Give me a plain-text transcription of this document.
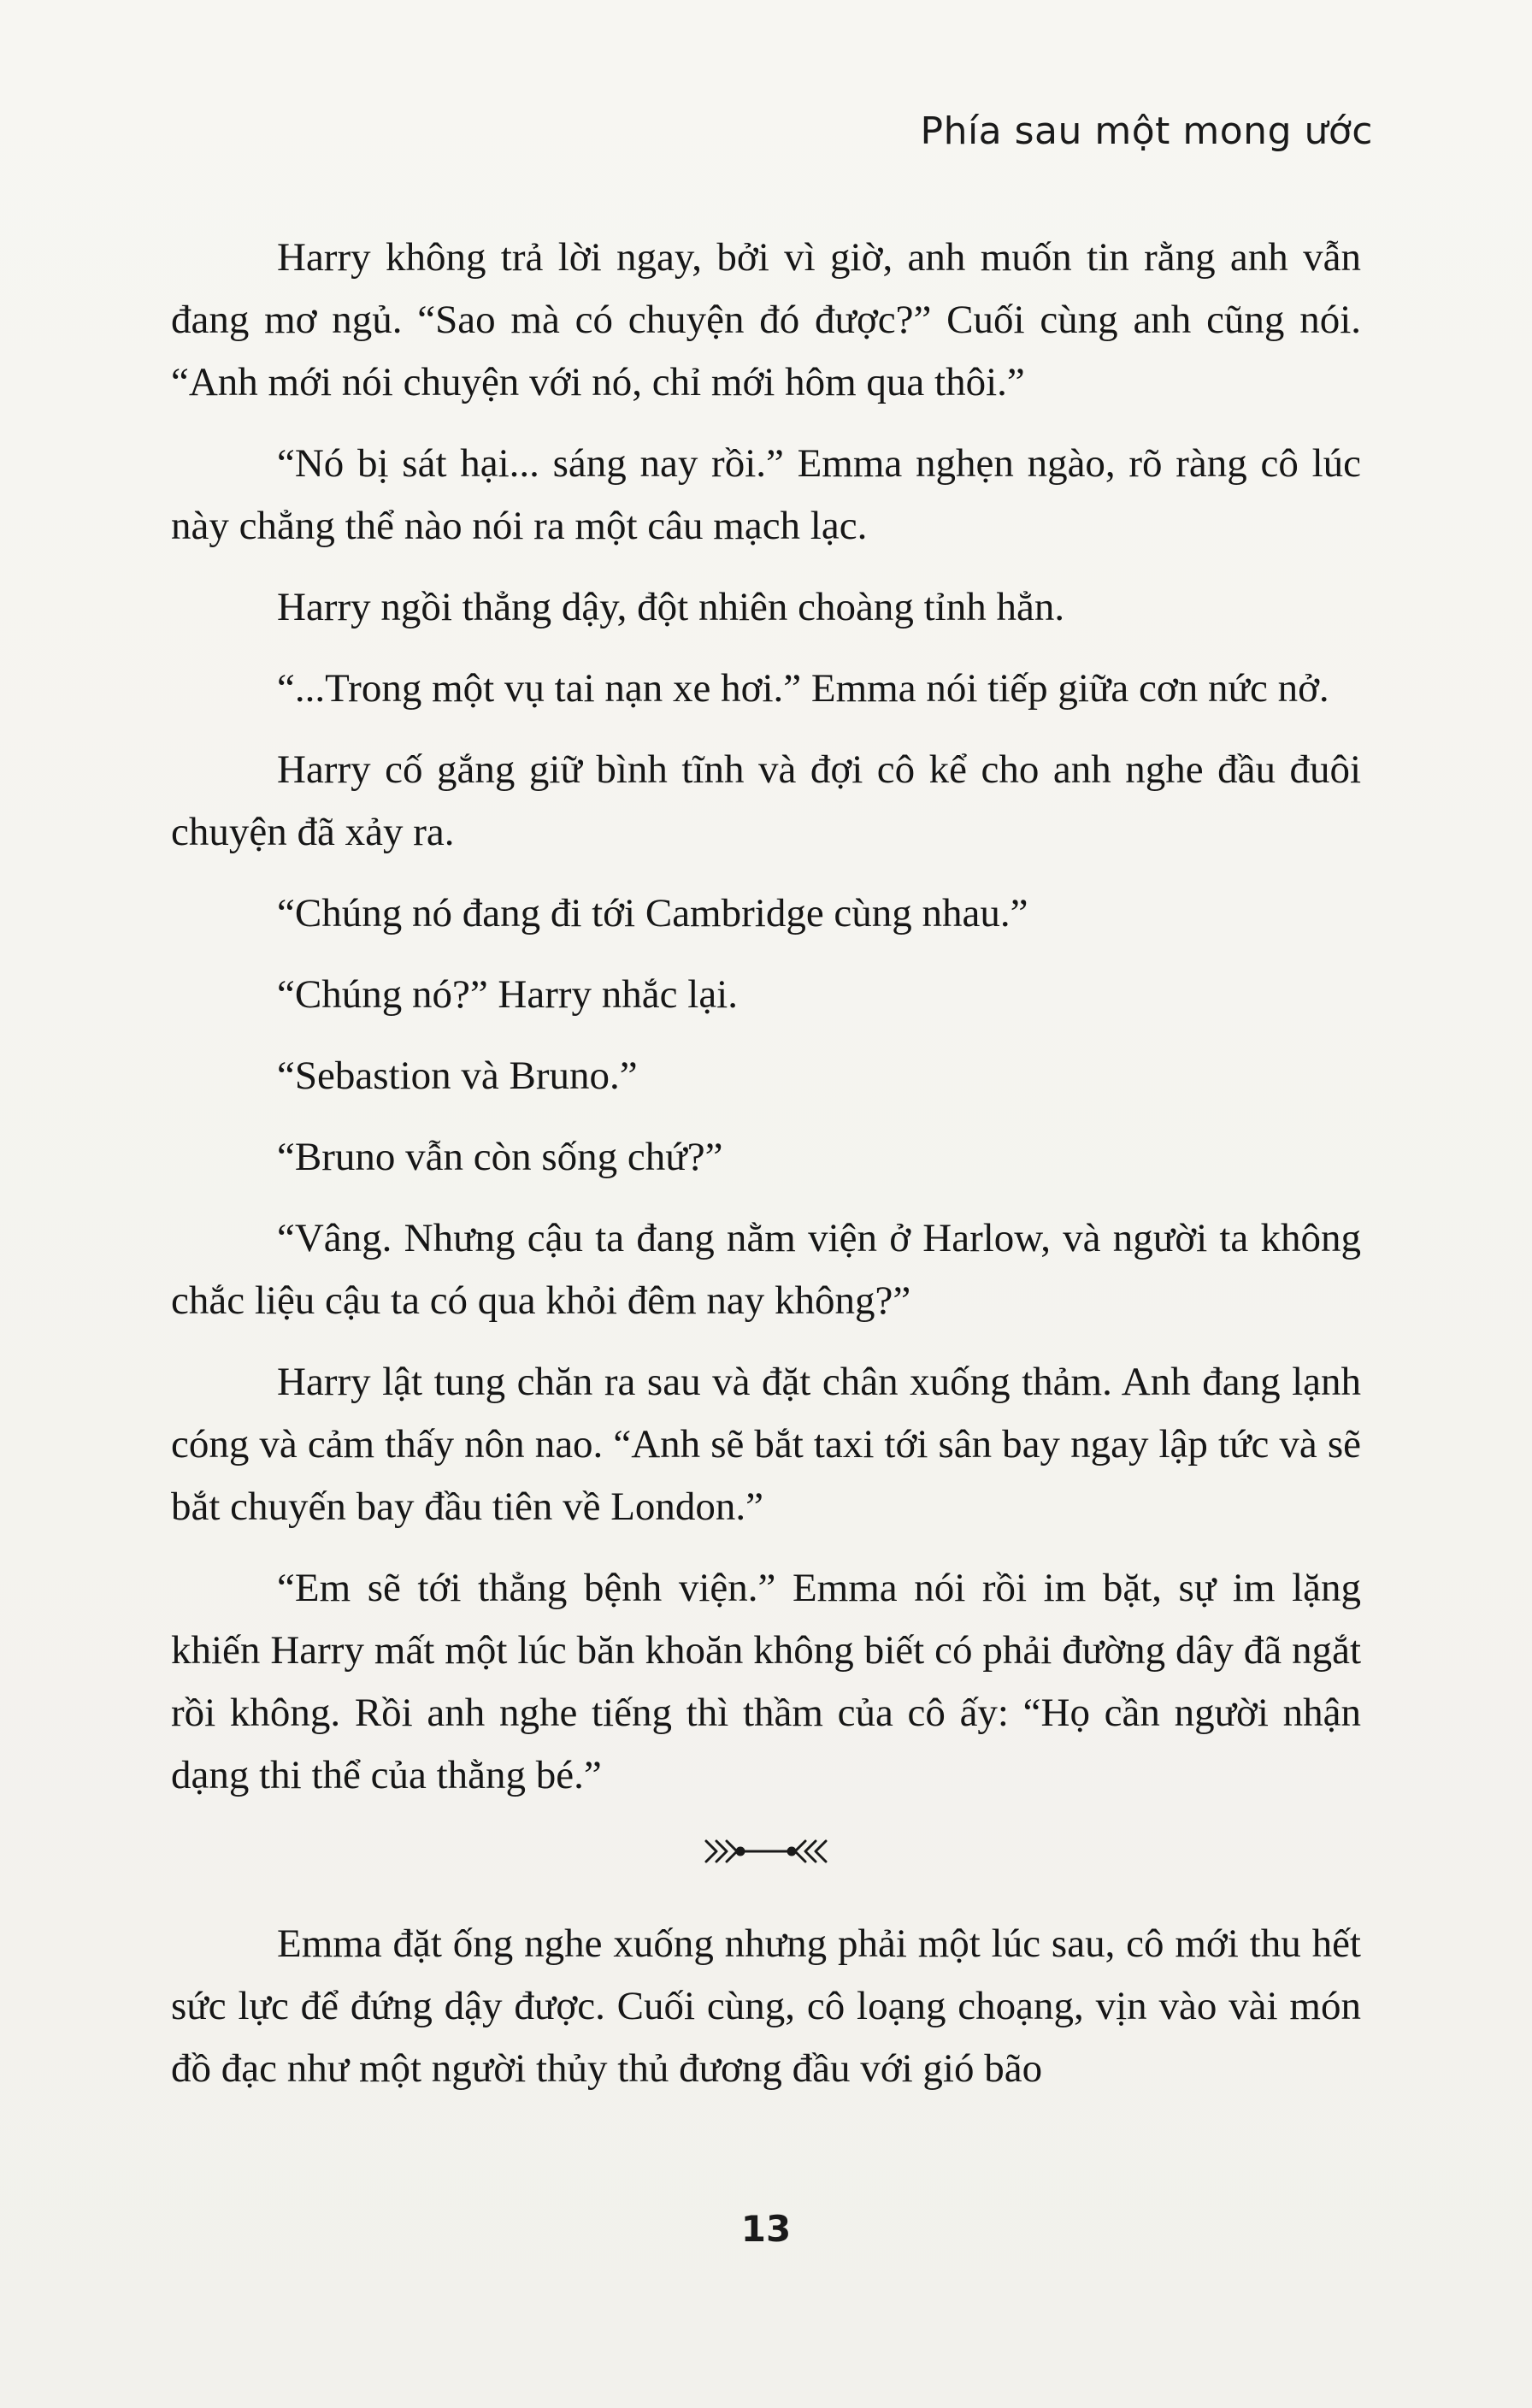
Phía sau một mong ước

Harry không trả lời ngay, bởi vì giờ, anh muốn tin rằng anh vẫn đang mơ ngủ. “Sao mà có chuyện đó được?” Cuối cùng anh cũng nói. “Anh mới nói chuyện với nó, chỉ mới hôm qua thôi.”

“Nó bị sát hại... sáng nay rồi.” Emma nghẹn ngào, rõ ràng cô lúc này chẳng thể nào nói ra một câu mạch lạc.

Harry ngồi thẳng dậy, đột nhiên choàng tỉnh hẳn.

“...Trong một vụ tai nạn xe hơi.” Emma nói tiếp giữa cơn nức nở.

Harry cố gắng giữ bình tĩnh và đợi cô kể cho anh nghe đầu đuôi chuyện đã xảy ra.

“Chúng nó đang đi tới Cambridge cùng nhau.”

“Chúng nó?” Harry nhắc lại.

“Sebastion và Bruno.”

“Bruno vẫn còn sống chứ?”

“Vâng. Nhưng cậu ta đang nằm viện ở Harlow, và người ta không chắc liệu cậu ta có qua khỏi đêm nay không?”

Harry lật tung chăn ra sau và đặt chân xuống thảm. Anh đang lạnh cóng và cảm thấy nôn nao. “Anh sẽ bắt taxi tới sân bay ngay lập tức và sẽ bắt chuyến bay đầu tiên về London.”

“Em sẽ tới thẳng bệnh viện.” Emma nói rồi im bặt, sự im lặng khiến Harry mất một lúc băn khoăn không biết có phải đường dây đã ngắt rồi không. Rồi anh nghe tiếng thì thầm của cô ấy: “Họ cần người nhận dạng thi thể của thằng bé.”

Emma đặt ống nghe xuống nhưng phải một lúc sau, cô mới thu hết sức lực để đứng dậy được. Cuối cùng, cô loạng choạng, vịn vào vài món đồ đạc như một người thủy thủ đương đầu với gió bão

13
